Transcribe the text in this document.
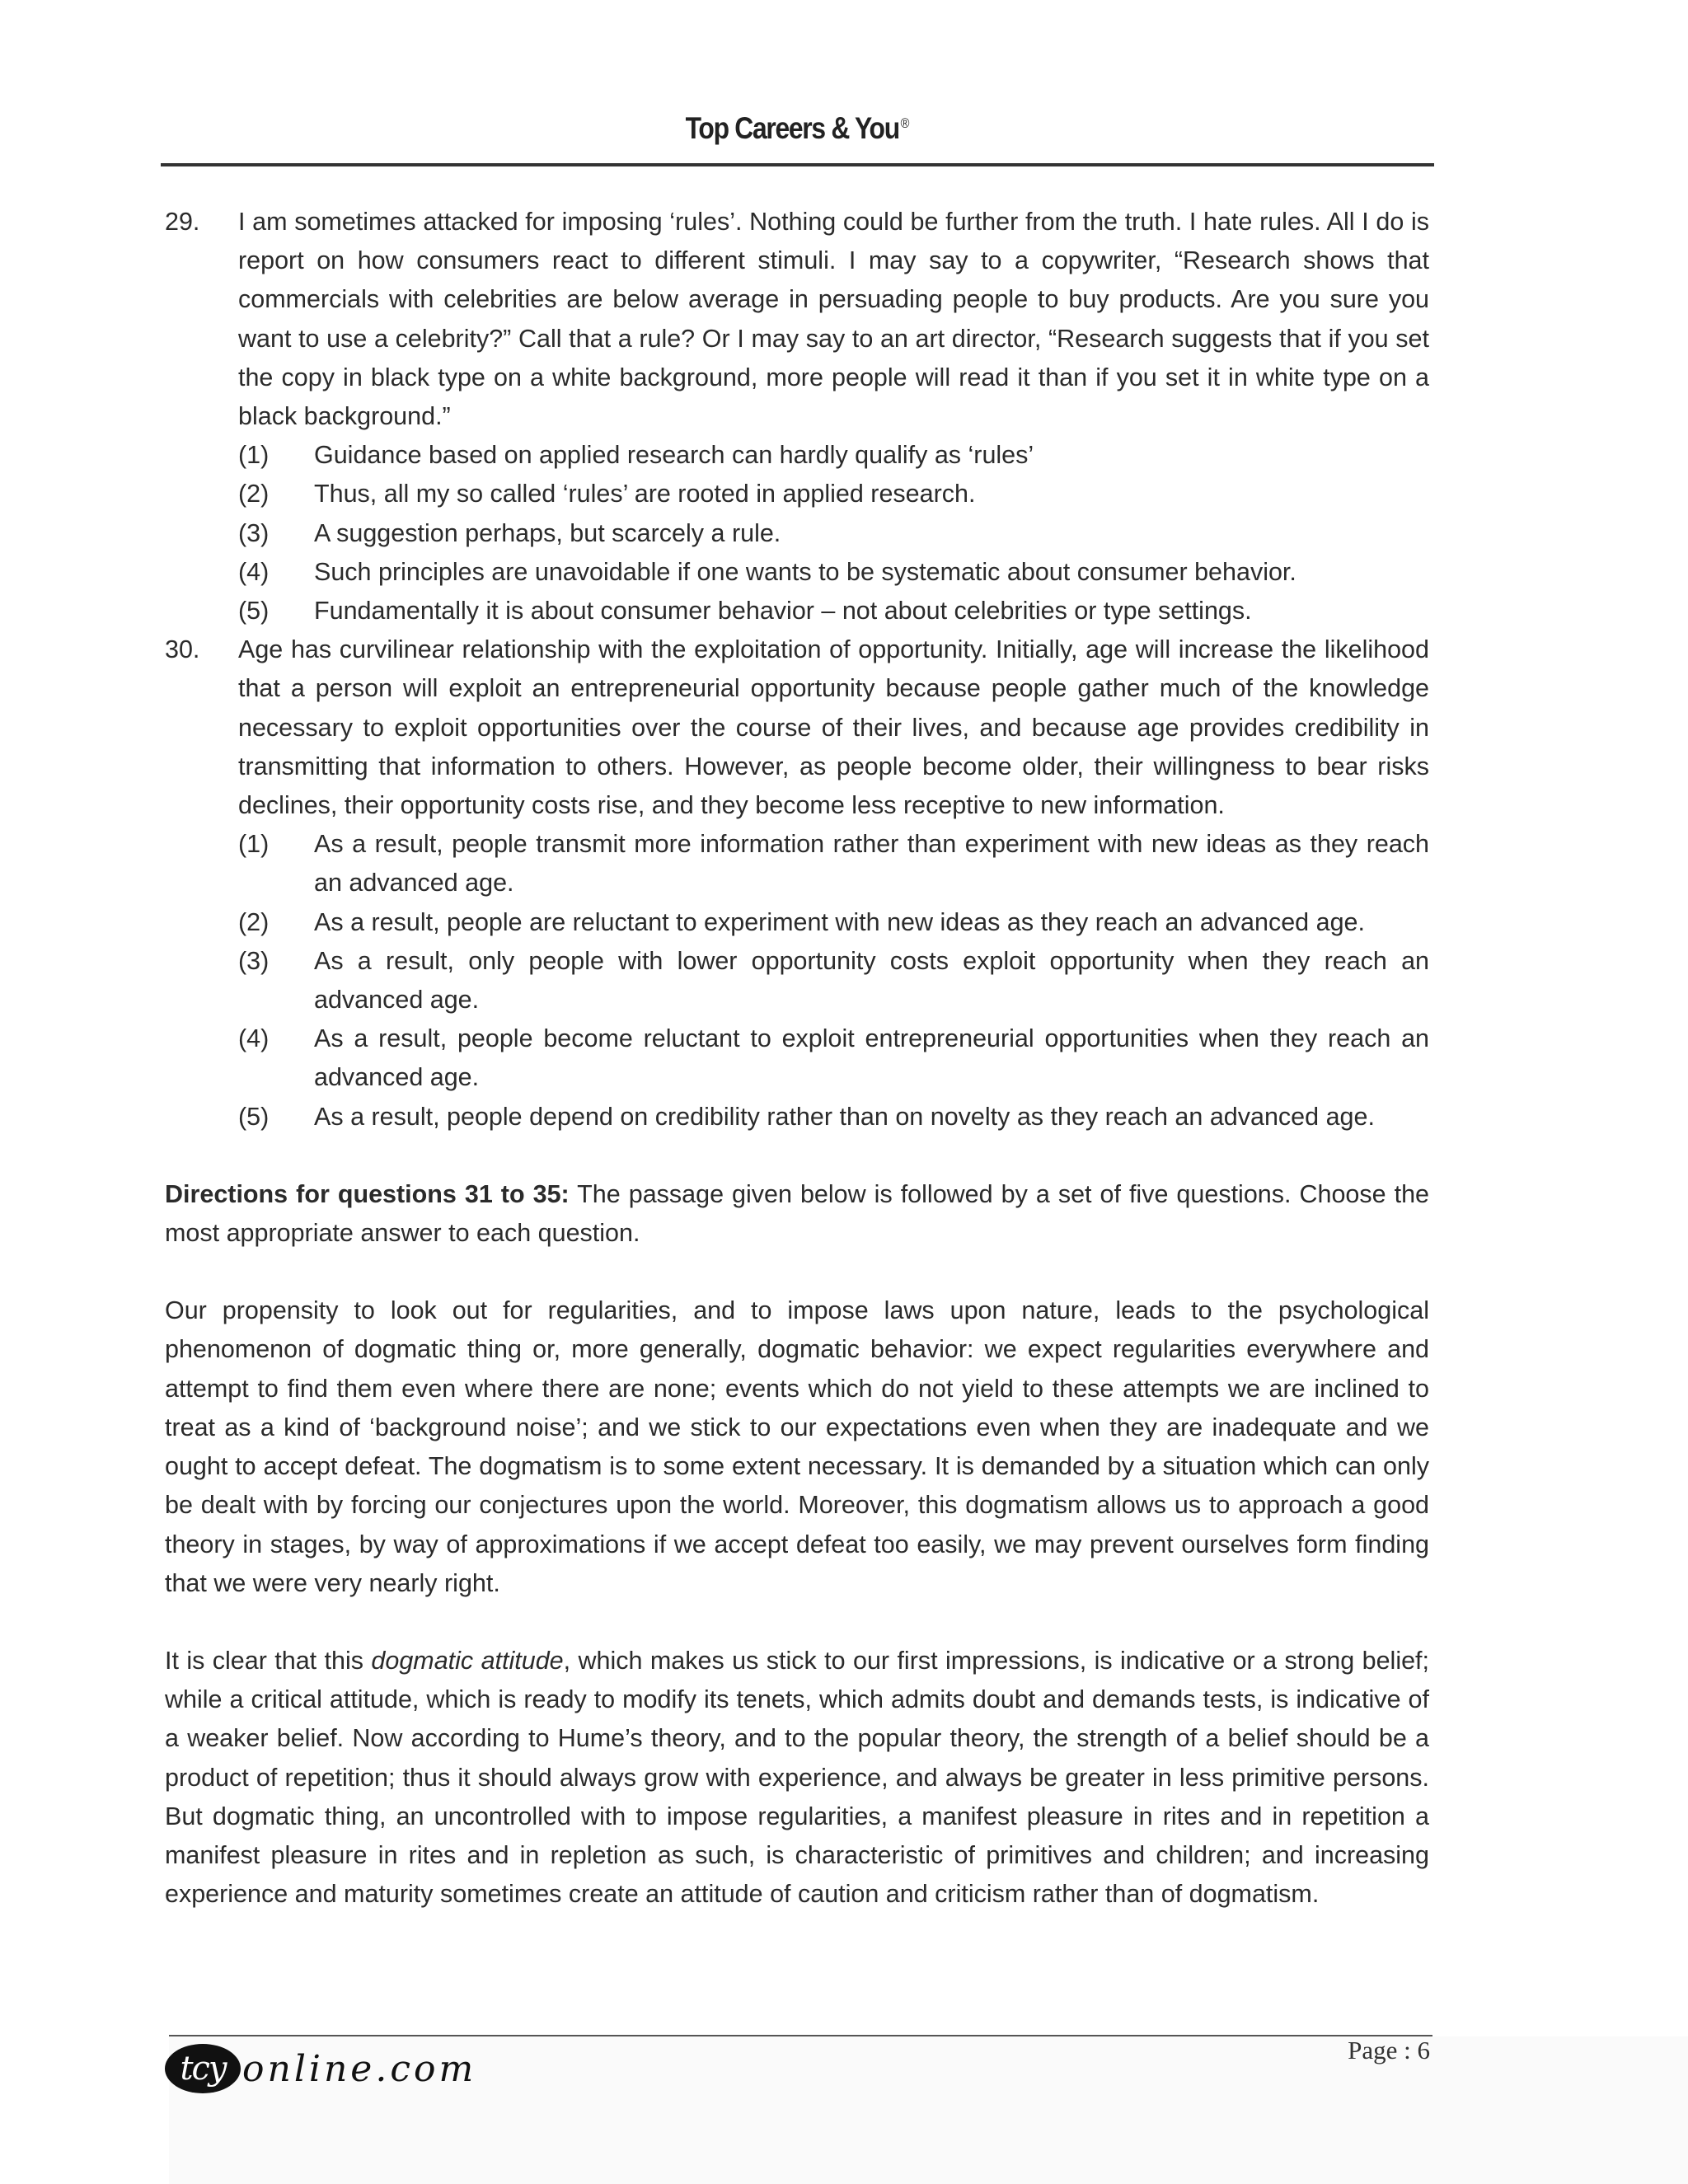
Top Careers & You ®
29. I am sometimes attacked for imposing ‘rules’. Nothing could be further from the truth. I hate rules. All I do is report on how consumers react to different stimuli. I may say to a copywriter, “Research shows that commercials with celebrities are below average in persuading people to buy products. Are you sure you want to use a celebrity?” Call that a rule? Or I may say to an art director, “Research suggests that if you set the copy in black type on a white background, more people will read it than if you set it in white type on a black background.”
(1) Guidance based on applied research can hardly qualify as ‘rules’
(2) Thus, all my so called ‘rules’ are rooted in applied research.
(3) A suggestion perhaps, but scarcely a rule.
(4) Such principles are unavoidable if one wants to be systematic about consumer behavior.
(5) Fundamentally it is about consumer behavior – not about celebrities or type settings.
30. Age has curvilinear relationship with the exploitation of opportunity. Initially, age will increase the likelihood that a person will exploit an entrepreneurial opportunity because people gather much of the knowledge necessary to exploit opportunities over the course of their lives, and because age provides credibility in transmitting that information to others. However, as people become older, their willingness to bear risks declines, their opportunity costs rise, and they become less receptive to new information.
(1) As a result, people transmit more information rather than experiment with new ideas as they reach an advanced age.
(2) As a result, people are reluctant to experiment with new ideas as they reach an advanced age.
(3) As a result, only people with lower opportunity costs exploit opportunity when they reach an advanced age.
(4) As a result, people become reluctant to exploit entrepreneurial opportunities when they reach an advanced age.
(5) As a result, people depend on credibility rather than on novelty as they reach an advanced age.

Directions for questions 31 to 35: The passage given below is followed by a set of five questions. Choose the most appropriate answer to each question.

Our propensity to look out for regularities, and to impose laws upon nature, leads to the psychological phenomenon of dogmatic thing or, more generally, dogmatic behavior: we expect regularities everywhere and attempt to find them even where there are none; events which do not yield to these attempts we are inclined to treat as a kind of ‘background noise’; and we stick to our expectations even when they are inadequate and we ought to accept defeat. The dogmatism is to some extent necessary. It is demanded by a situation which can only be dealt with by forcing our conjectures upon the world. Moreover, this dogmatism allows us to approach a good theory in stages, by way of approximations if we accept defeat too easily, we may prevent ourselves form finding that we were very nearly right.

It is clear that this dogmatic attitude, which makes us stick to our first impressions, is indicative or a strong belief; while a critical attitude, which is ready to modify its tenets, which admits doubt and demands tests, is indicative of a weaker belief. Now according to Hume’s theory, and to the popular theory, the strength of a belief should be a product of repetition; thus it should always grow with experience, and always be greater in less primitive persons. But dogmatic thing, an uncontrolled with to impose regularities, a manifest pleasure in rites and in repetition a manifest pleasure in rites and in repletion as such, is characteristic of primitives and children; and increasing experience and maturity sometimes create an attitude of caution and criticism rather than of dogmatism.

tcy online.com	Page : 6
